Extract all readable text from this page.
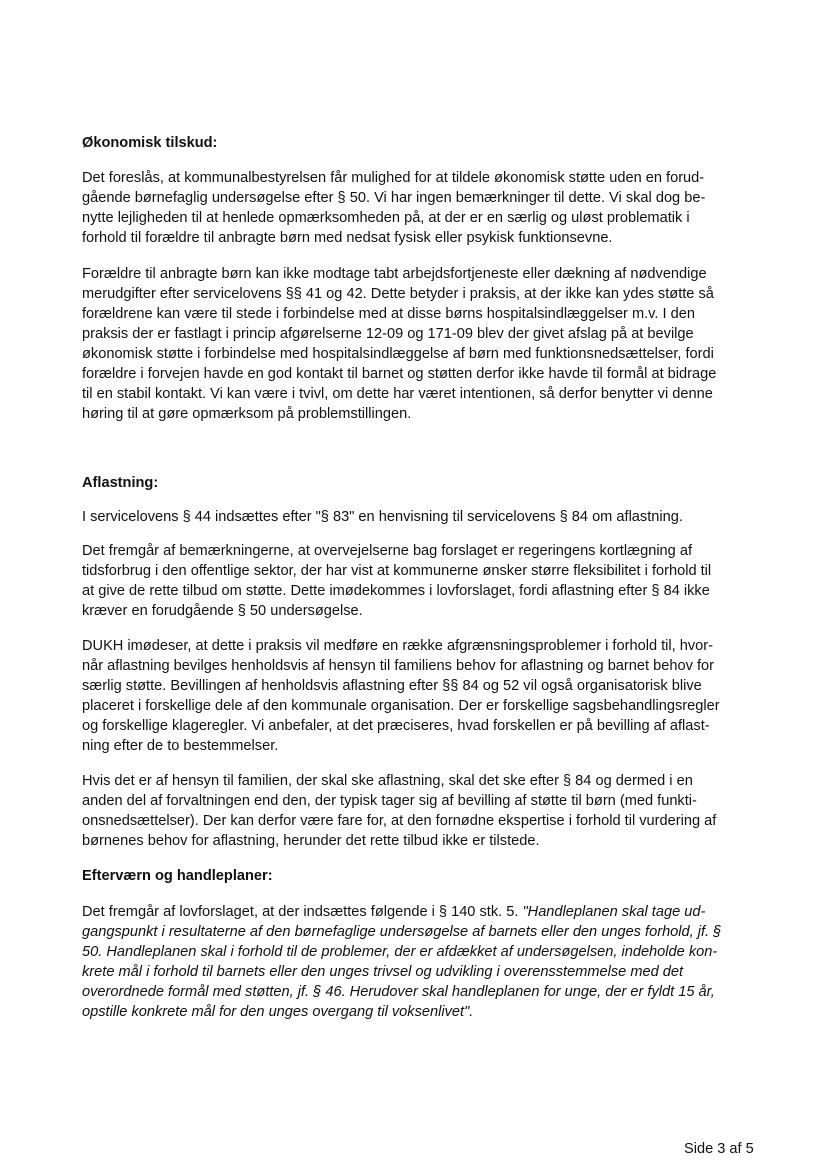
Økonomisk tilskud:
Det foreslås, at kommunalbestyrelsen får mulighed for at tildele økonomisk støtte uden en forud-
gående børnefaglig undersøgelse efter § 50. Vi har ingen bemærkninger til dette. Vi skal dog be-
nytte lejligheden til at henlede opmærksomheden på, at der er en særlig og uløst problematik i
forhold til forældre til anbragte børn med nedsat fysisk eller psykisk funktionsevne.
Forældre til anbragte børn kan ikke modtage tabt arbejdsfortjeneste eller dækning af nødvendige
merudgifter efter servicelovens §§ 41 og 42. Dette betyder i praksis, at der ikke kan ydes støtte så
forældrene kan være til stede i forbindelse med at disse børns hospitalsindlæggelser m.v. I den
praksis der er fastlagt i princip afgørelserne 12-09 og 171-09 blev der givet afslag på at bevilge
økonomisk støtte i forbindelse med hospitalsindlæggelse af børn med funktionsnedsættelser, fordi
forældre i forvejen havde en god kontakt til barnet og støtten derfor ikke havde til formål at bidrage
til en stabil kontakt. Vi kan være i tvivl, om dette har været intentionen, så derfor benytter vi denne
høring til at gøre opmærksom på problemstillingen.
Aflastning:
I servicelovens § 44 indsættes efter "§ 83" en henvisning til servicelovens § 84 om aflastning.
Det fremgår af bemærkningerne, at overvejelserne bag forslaget er regeringens kortlægning af
tidsforbrug i den offentlige sektor, der har vist at kommunerne ønsker større fleksibilitet i forhold til
at give de rette tilbud om støtte. Dette imødekommes i lovforslaget, fordi aflastning efter § 84 ikke
kræver en forudgående § 50 undersøgelse.
DUKH imødeser, at dette i praksis vil medføre en række afgrænsningsproblemer i forhold til, hvor-
når aflastning bevilges henholdsvis af hensyn til familiens behov for aflastning og barnet behov for
særlig støtte. Bevillingen af henholdsvis aflastning efter §§ 84 og 52 vil også organisatorisk blive
placeret i forskellige dele af den kommunale organisation. Der er forskellige sagsbehandlingsregler
og forskellige klageregler. Vi anbefaler, at det præciseres, hvad forskellen er på bevilling af aflast-
ning efter de to bestemmelser.
Hvis det er af hensyn til familien, der skal ske aflastning, skal det ske efter § 84 og dermed i en
anden del af forvaltningen end den, der typisk tager sig af bevilling af støtte til børn (med funkti-
onsnedsættelser). Der kan derfor være fare for, at den fornødne ekspertise i forhold til vurdering af
børnenes behov for aflastning, herunder det rette tilbud ikke er tilstede.
Efterværn og handleplaner:
Det fremgår af lovforslaget, at der indsættes følgende i § 140 stk. 5. "Handleplanen skal tage ud-
gangspunkt i resultaterne af den børnefaglige undersøgelse af barnets eller den unges forhold, jf. §
50. Handleplanen skal i forhold til de problemer, der er afdækket af undersøgelsen, indeholde kon-
krete mål i forhold til barnets eller den unges trivsel og udvikling i overensstemmelse med det
overordnede formål med støtten, jf. § 46. Herudover skal handleplanen for unge, der er fyldt 15 år,
opstille konkrete mål for den unges overgang til voksenlivet".
Side 3 af 5
